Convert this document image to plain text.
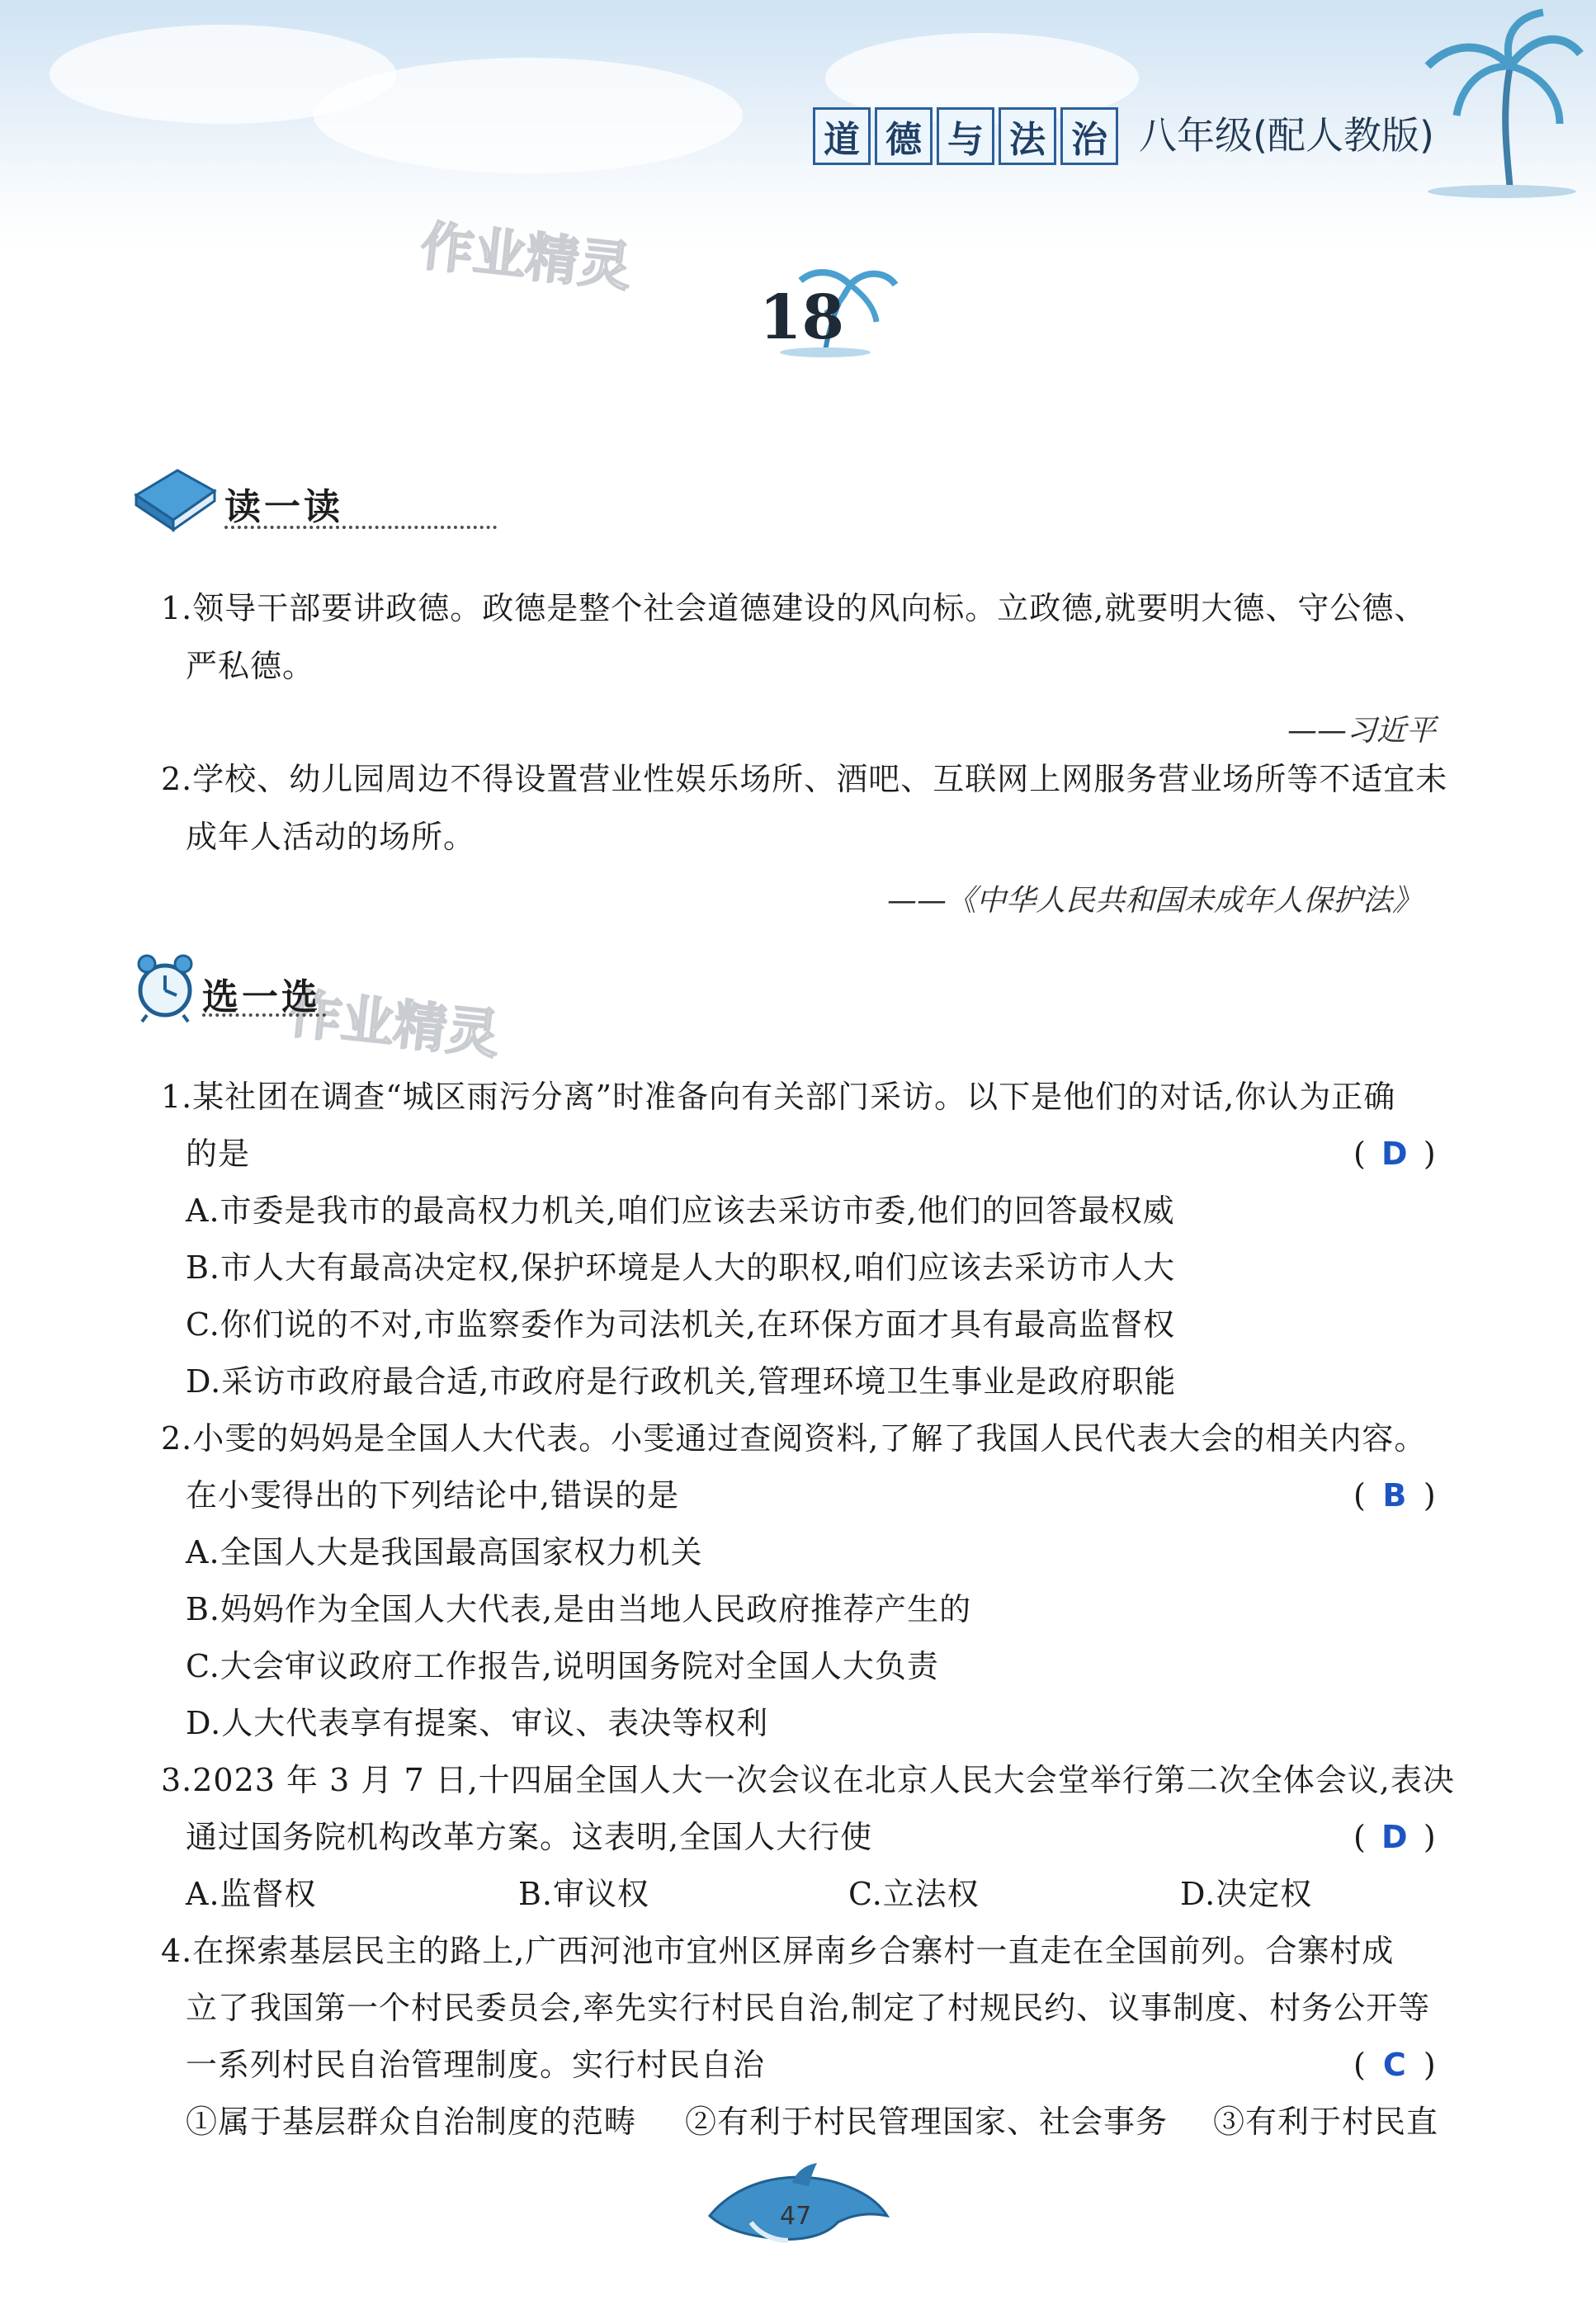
道 德 与 法 治 八年级(配人教版)
作业精灵
作业精灵
18
读一读
1.领导干部要讲政德。政德是整个社会道德建设的风向标。立政德,就要明大德、守公德、
严私德。
——习近平
2.学校、幼儿园周边不得设置营业性娱乐场所、酒吧、互联网上网服务营业场所等不适宜未
成年人活动的场所。
——《中华人民共和国未成年人保护法》
选一选
1.某社团在调查“城区雨污分离”时准备向有关部门采访。以下是他们的对话,你认为正确
的是	( D )
A.市委是我市的最高权力机关,咱们应该去采访市委,他们的回答最权威
B.市人大有最高决定权,保护环境是人大的职权,咱们应该去采访市人大
C.你们说的不对,市监察委作为司法机关,在环保方面才具有最高监督权
D.采访市政府最合适,市政府是行政机关,管理环境卫生事业是政府职能
2.小雯的妈妈是全国人大代表。小雯通过查阅资料,了解了我国人民代表大会的相关内容。
在小雯得出的下列结论中,错误的是	( B )
A.全国人大是我国最高国家权力机关
B.妈妈作为全国人大代表,是由当地人民政府推荐产生的
C.大会审议政府工作报告,说明国务院对全国人大负责
D.人大代表享有提案、审议、表决等权利
3.2023 年 3 月 7 日,十四届全国人大一次会议在北京人民大会堂举行第二次全体会议,表决
通过国务院机构改革方案。这表明,全国人大行使	( D )
A.监督权	B.审议权	C.立法权	D.决定权
4.在探索基层民主的路上,广西河池市宜州区屏南乡合寨村一直走在全国前列。合寨村成
立了我国第一个村民委员会,率先实行村民自治,制定了村规民约、议事制度、村务公开等
一系列村民自治管理制度。实行村民自治	( C )
①属于基层群众自治制度的范畴 ②有利于村民管理国家、社会事务 ③有利于村民直
47
